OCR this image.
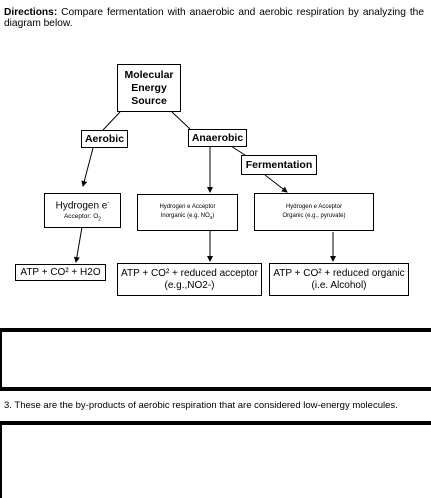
Directions: Compare fermentation with anaerobic and aerobic respiration by analyzing the diagram below.
Molecular
Energy
Source
Aerobic	Anaerobic
Fermentation
Hydrogen e-
Acceptor: $O_2$
Hydrogen e Acceptor
Inorganic (e.g. $NO_3$)
Hydrogen e Acceptor
Organic (e.g., pyruvate)
ATP + CO² + H2O ATP + CO² + reduced acceptor
(e.g.,NO2-)
ATP + CO² + reduced organic
(i.e. Alcohol)
3. These are the by-products of aerobic respiration that are considered low-energy molecules.
